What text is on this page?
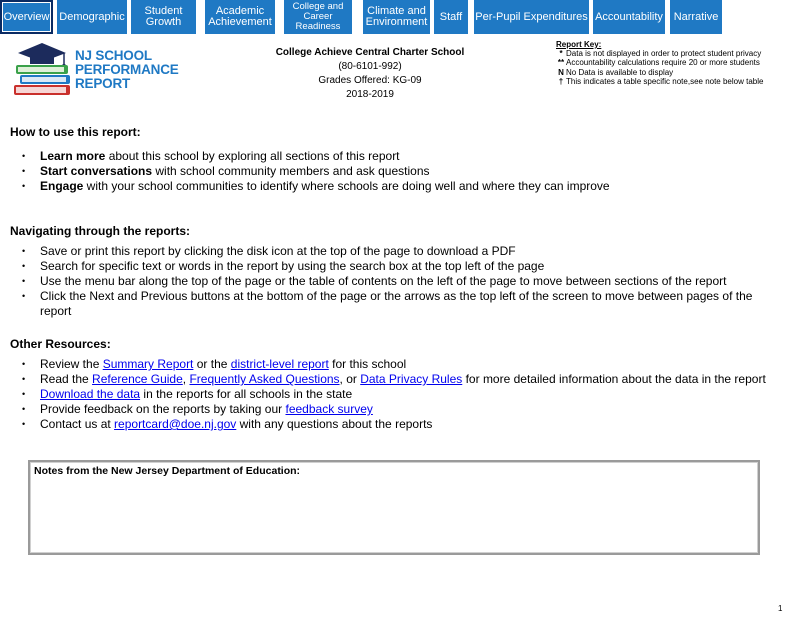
Overview Demographic	Student
Growth
Academic
Achievement
College and
Career
Readiness
Climate and
Environment	Staff	Per-Pupil Expenditures Accountability Narrative
NJ SCHOOL
PERFORMANCE
REPORT
College Achieve Central Charter School
(80-6101-992)
Grades Offered: KG-09
2018-2019
Report Key:
* Data is not displayed in order to protect student privacy
** Accountability calculations require 20 or more students
N No Data is available to display
† This indicates a table specific note,see note below table
How to use this report:
• Learn more about this school by exploring all sections of this report
• Start conversations with school community members and ask questions
• Engage with your school communities to identify where schools are doing well and where they can improve
Navigating through the reports:
• Save or print this report by clicking the disk icon at the top of the page to download a PDF
• Search for specific text or words in the report by using the search box at the top left of the page
• Use the menu bar along the top of the page or the table of contents on the left of the page to move between sections of the report
• Click the Next and Previous buttons at the bottom of the page or the arrows as the top left of the screen to move between pages of the report
Other Resources:
• Review the Summary Report or the district-level report for this school
• Read the Reference Guide, Frequently Asked Questions, or Data Privacy Rules for more detailed information about the data in the report
• Download the data in the reports for all schools in the state
• Provide feedback on the reports by taking our feedback survey
• Contact us at reportcard@doe.nj.gov with any questions about the reports
Notes from the New Jersey Department of Education:
1
